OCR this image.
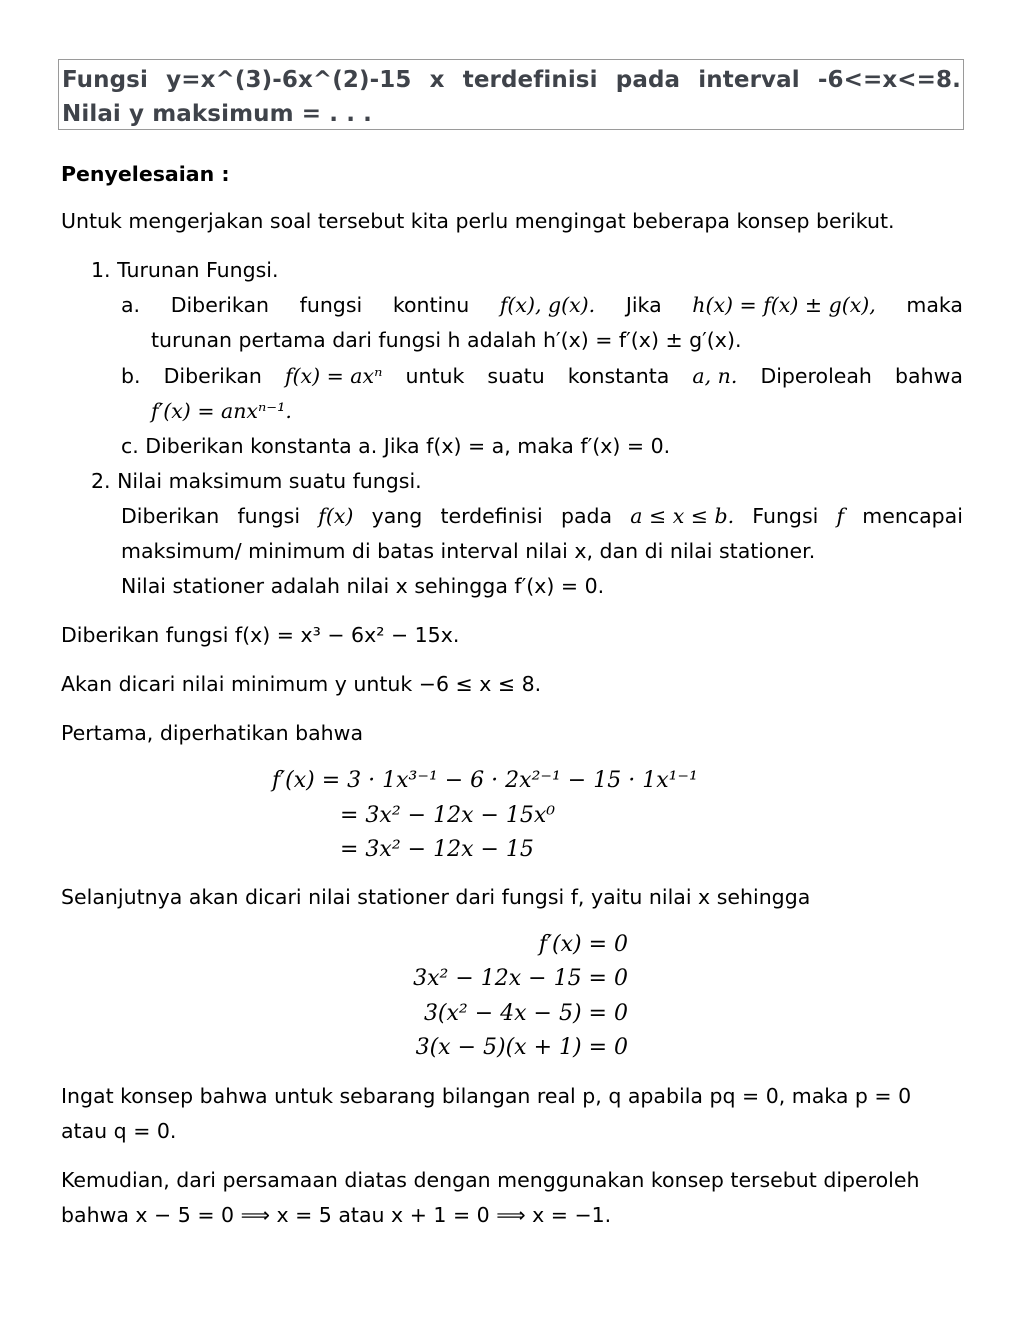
Fungsi y=x^(3)-6x^(2)-15 x terdefinisi pada interval -6<=x<=8. Nilai y maksimum = . . .
Penyelesaian :
Untuk mengerjakan soal tersebut kita perlu mengingat beberapa konsep berikut.
1. Turunan Fungsi.
a. Diberikan fungsi kontinu f(x), g(x). Jika h(x) = f(x) ± g(x), maka
turunan pertama dari fungsi h adalah h′(x) = f′(x) ± g′(x).
b. Diberikan f(x) = axⁿ untuk suatu konstanta a, n. Diperoleah bahwa
f′(x) = anxⁿ⁻¹.
c. Diberikan konstanta a. Jika f(x) = a, maka f′(x) = 0.
2. Nilai maksimum suatu fungsi.
Diberikan fungsi f(x) yang terdefinisi pada a ≤ x ≤ b. Fungsi f mencapai
maksimum/ minimum di batas interval nilai x, dan di nilai stationer.
Nilai stationer adalah nilai x sehingga f′(x) = 0.
Diberikan fungsi f(x) = x³ − 6x² − 15x.
Akan dicari nilai minimum y untuk −6 ≤ x ≤ 8.
Pertama, diperhatikan bahwa
f′(x) = 3 · 1x³⁻¹ − 6 · 2x²⁻¹ − 15 · 1x¹⁻¹
= 3x² − 12x − 15x⁰
= 3x² − 12x − 15
Selanjutnya akan dicari nilai stationer dari fungsi f, yaitu nilai x sehingga
f′(x) = 0
3x² − 12x − 15 = 0
3(x² − 4x − 5) = 0
3(x − 5)(x + 1) = 0
Ingat konsep bahwa untuk sebarang bilangan real p, q apabila pq = 0, maka p = 0
atau q = 0.
Kemudian, dari persamaan diatas dengan menggunakan konsep tersebut diperoleh
bahwa x − 5 = 0 ⟹ x = 5 atau x + 1 = 0 ⟹ x = −1.
